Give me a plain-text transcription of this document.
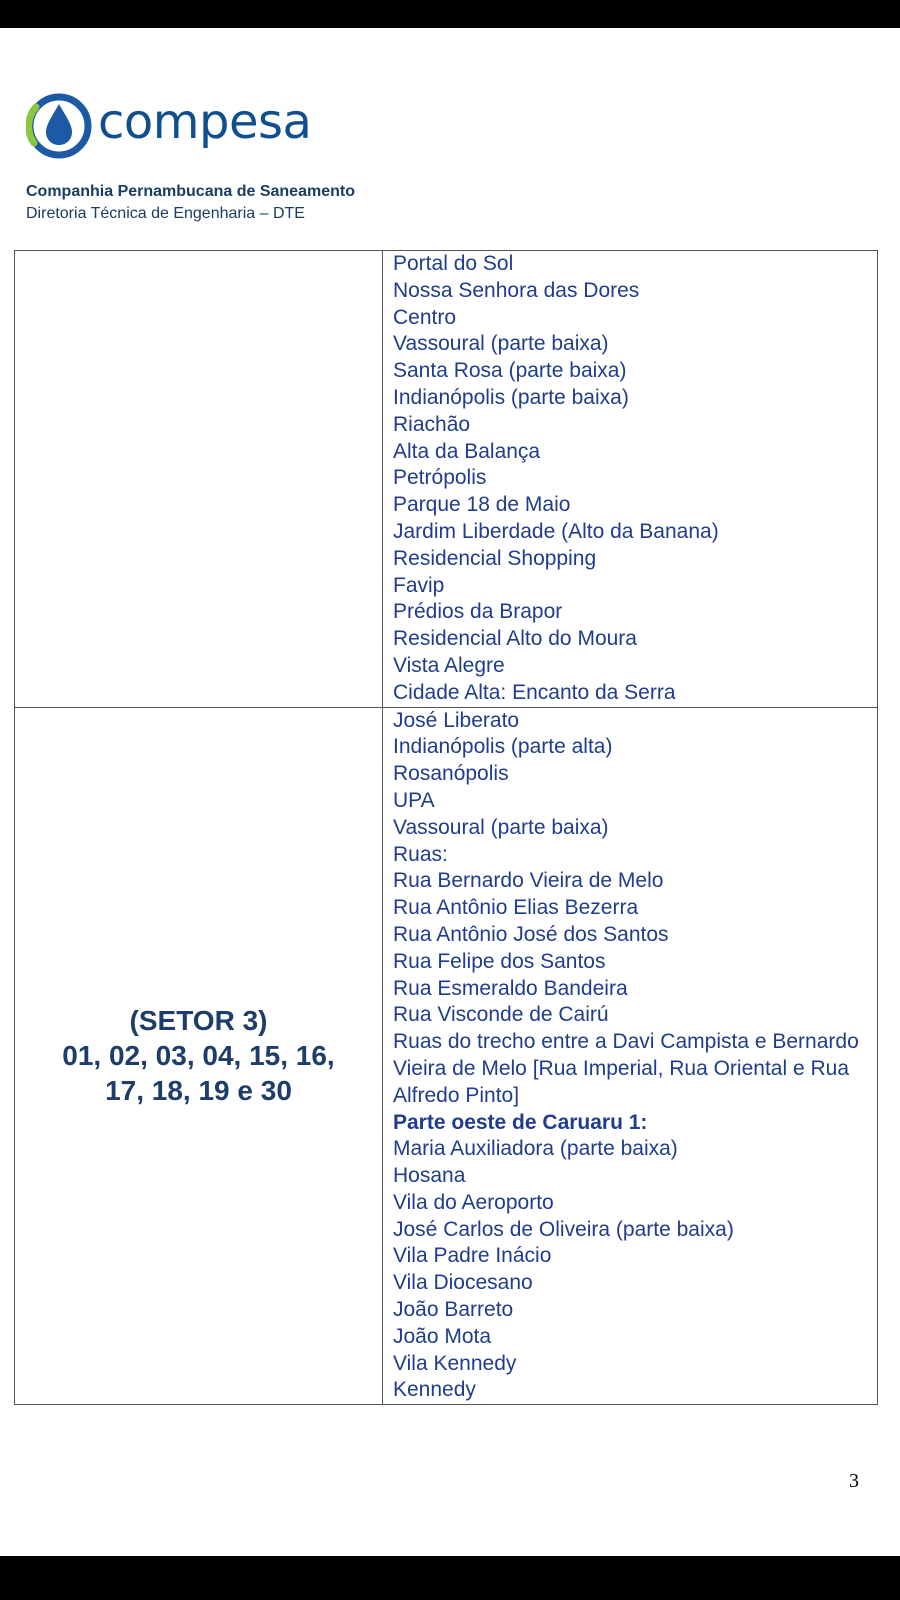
compesa
Companhia Pernambucana de Saneamento
Diretoria Técnica de Engenharia – DTE
Portal do Sol
Nossa Senhora das Dores
Centro
Vassoural (parte baixa)
Santa Rosa (parte baixa)
Indianópolis (parte baixa)
Riachão
Alta da Balança
Petrópolis
Parque 18 de Maio
Jardim Liberdade (Alto da Banana)
Residencial Shopping
Favip
Prédios da Brapor
Residencial Alto do Moura
Vista Alegre
Cidade Alta: Encanto da Serra
(SETOR 3)
01, 02, 03, 04, 15, 16,
17, 18, 19 e 30
José Liberato
Indianópolis (parte alta)
Rosanópolis
UPA
Vassoural (parte baixa)
Ruas:
Rua Bernardo Vieira de Melo
Rua Antônio Elias Bezerra
Rua Antônio José dos Santos
Rua Felipe dos Santos
Rua Esmeraldo Bandeira
Rua Visconde de Cairú
Ruas do trecho entre a Davi Campista e Bernardo Vieira de Melo [Rua Imperial, Rua Oriental e Rua Alfredo Pinto]
Parte oeste de Caruaru 1:
Maria Auxiliadora (parte baixa)
Hosana
Vila do Aeroporto
José Carlos de Oliveira (parte baixa)
Vila Padre Inácio
Vila Diocesano
João Barreto
João Mota
Vila Kennedy
Kennedy
3
